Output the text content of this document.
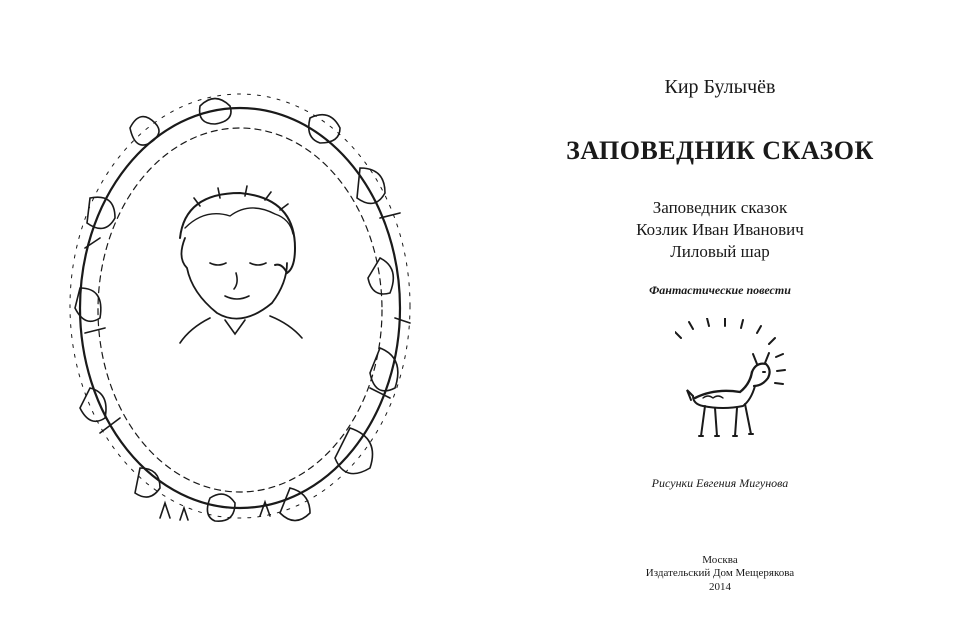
Кир Булычёв
ЗАПОВЕДНИК СКАЗОК
Заповедник сказок
Козлик Иван Иванович
Лиловый шар
Фантастические повести
Рисунки Евгения Мигунова
Москва
Издательский Дом Мещерякова
2014
